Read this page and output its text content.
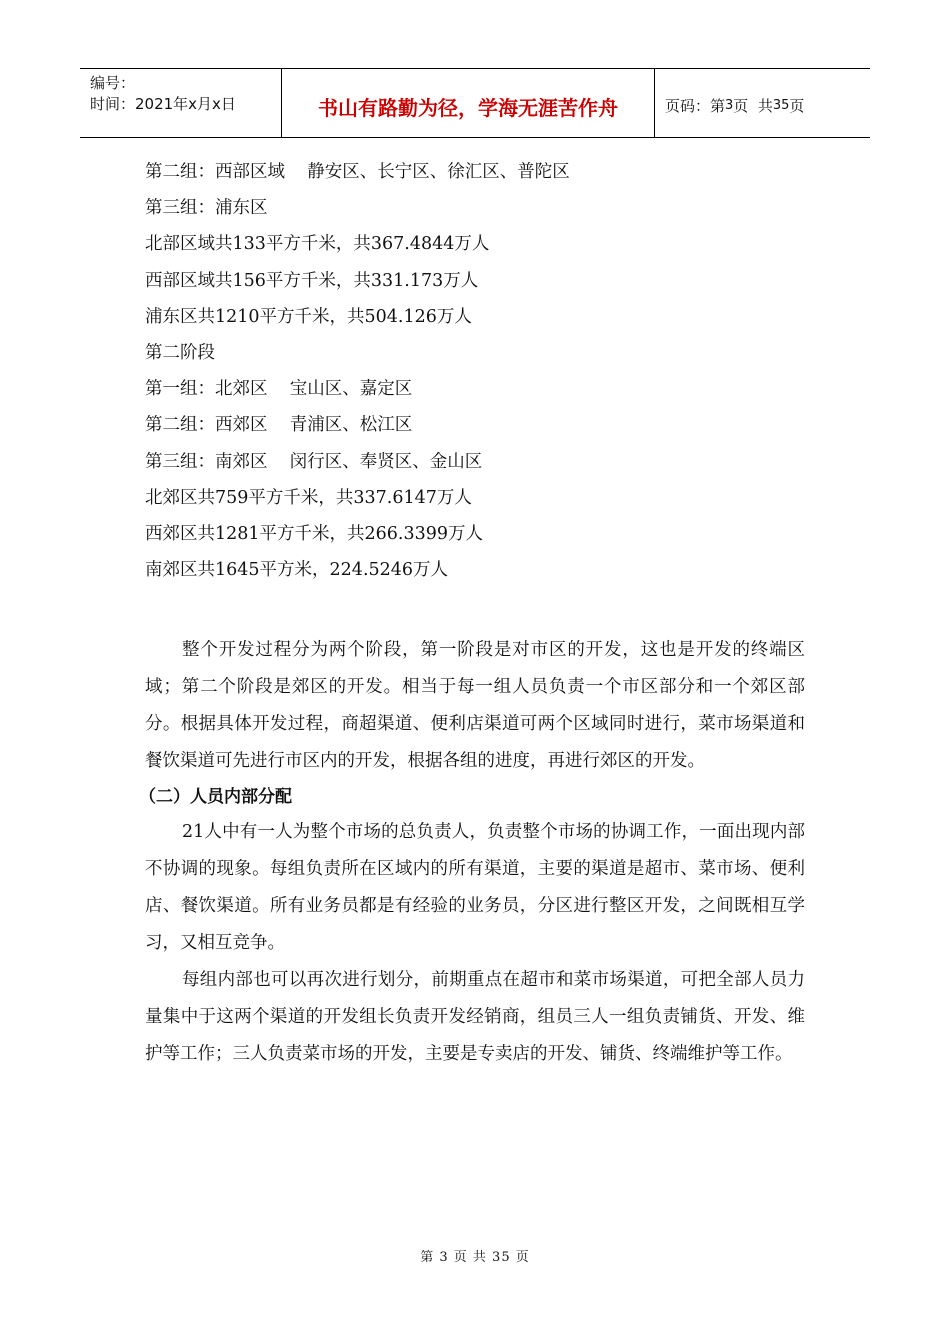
编号：
时间：2021年x月x日	书山有路勤为径，学海无涯苦作舟	页码：第 3 页  共 35 页
第二组：西部区域    静安区、长宁区、徐汇区、普陀区
第三组：浦东区
北部区域共133平方千米，共367.4844万人
西部区域共156平方千米，共331.173万人
浦东区共1210平方千米，共504.126万人
第二阶段
第一组：北郊区    宝山区、嘉定区
第二组：西郊区    青浦区、松江区
第三组：南郊区    闵行区、奉贤区、金山区
北郊区共759平方千米，共337.6147万人
西郊区共1281平方千米，共266.3399万人
南郊区共1645平方米，224.5246万人

整个开发过程分为两个阶段，第一阶段是对市区的开发，这也是开发的终端区域；第二个阶段是郊区的开发。相当于每一组人员负责一个市区部分和一个郊区部分。根据具体开发过程，商超渠道、便利店渠道可两个区域同时进行，菜市场渠道和餐饮渠道可先进行市区内的开发，根据各组的进度，再进行郊区的开发。

（二）人员内部分配

21人中有一人为整个市场的总负责人，负责整个市场的协调工作，一面出现内部不协调的现象。每组负责所在区域内的所有渠道，主要的渠道是超市、菜市场、便利店、餐饮渠道。所有业务员都是有经验的业务员，分区进行整区开发，之间既相互学习，又相互竞争。

每组内部也可以再次进行划分，前期重点在超市和菜市场渠道，可把全部人员力量集中于这两个渠道的开发组长负责开发经销商，组员三人一组负责铺货、开发、维护等工作；三人负责菜市场的开发，主要是专卖店的开发、铺货、终端维护等工作。

第 3 页 共 35 页
